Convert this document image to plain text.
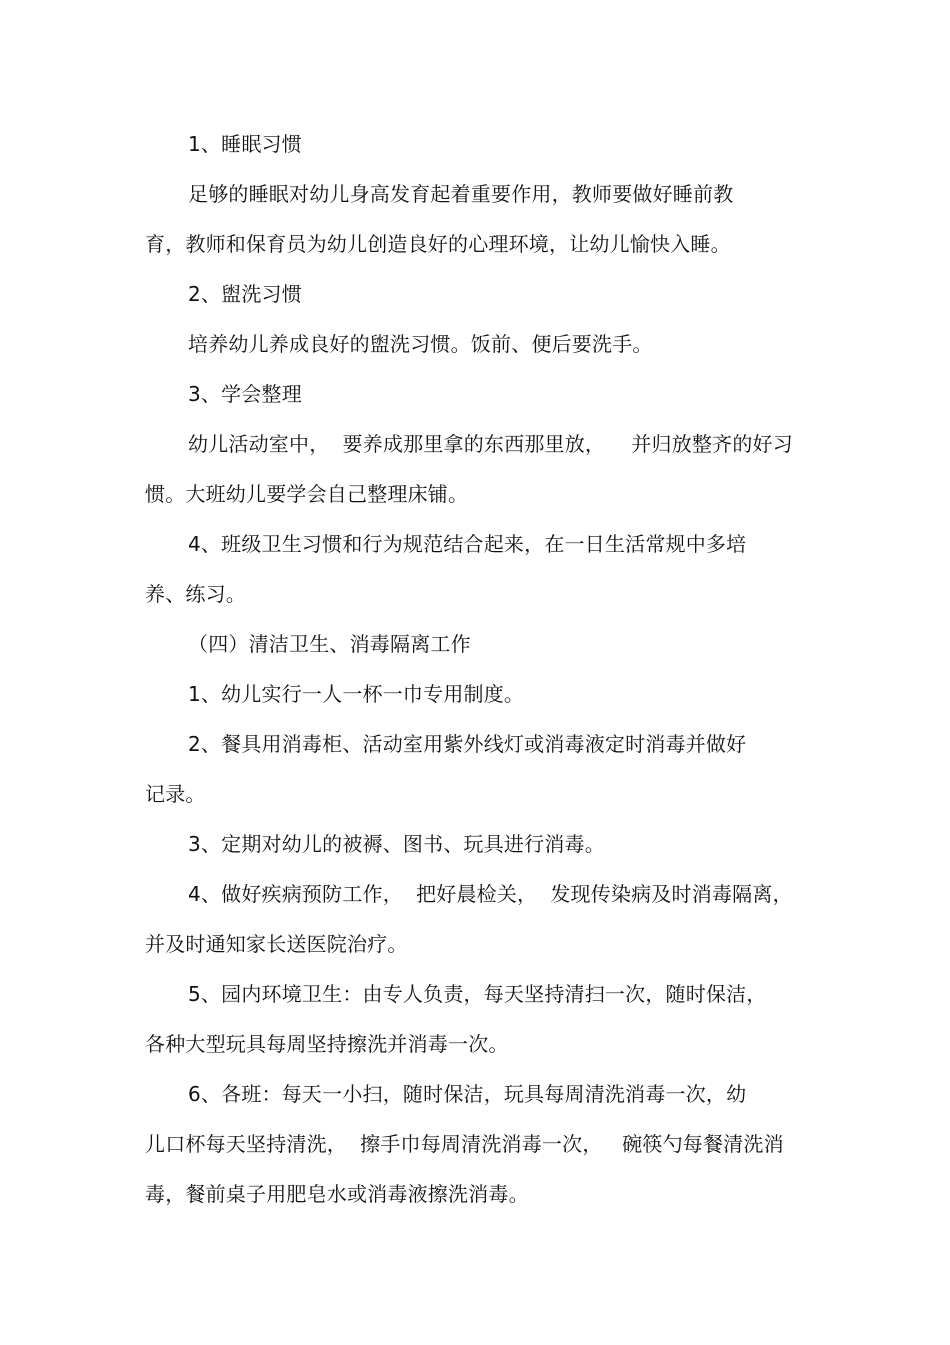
1、睡眠习惯
足够的睡眠对幼儿身高发育起着重要作用，教师要做好睡前教
育，教师和保育员为幼儿创造良好的心理环境，让幼儿愉快入睡。
2、盥洗习惯
培养幼儿养成良好的盥洗习惯。饭前、便后要洗手。
3、学会整理
幼儿活动室中，  要养成那里拿的东西那里放，    并归放整齐的好习
惯。大班幼儿要学会自己整理床铺。
4、班级卫生习惯和行为规范结合起来，在一日生活常规中多培
养、练习。
（四）清洁卫生、消毒隔离工作
1、幼儿实行一人一杯一巾专用制度。
2、餐具用消毒柜、活动室用紫外线灯或消毒液定时消毒并做好
记录。
3、定期对幼儿的被褥、图书、玩具进行消毒。
4、做好疾病预防工作，  把好晨检关，  发现传染病及时消毒隔离，
并及时通知家长送医院治疗。
5、园内环境卫生：由专人负责，每天坚持清扫一次，随时保洁，
各种大型玩具每周坚持擦洗并消毒一次。
6、各班：每天一小扫，随时保洁，玩具每周清洗消毒一次，幼
儿口杯每天坚持清洗，  擦手巾每周清洗消毒一次，   碗筷勺每餐清洗消
毒，餐前桌子用肥皂水或消毒液擦洗消毒。
